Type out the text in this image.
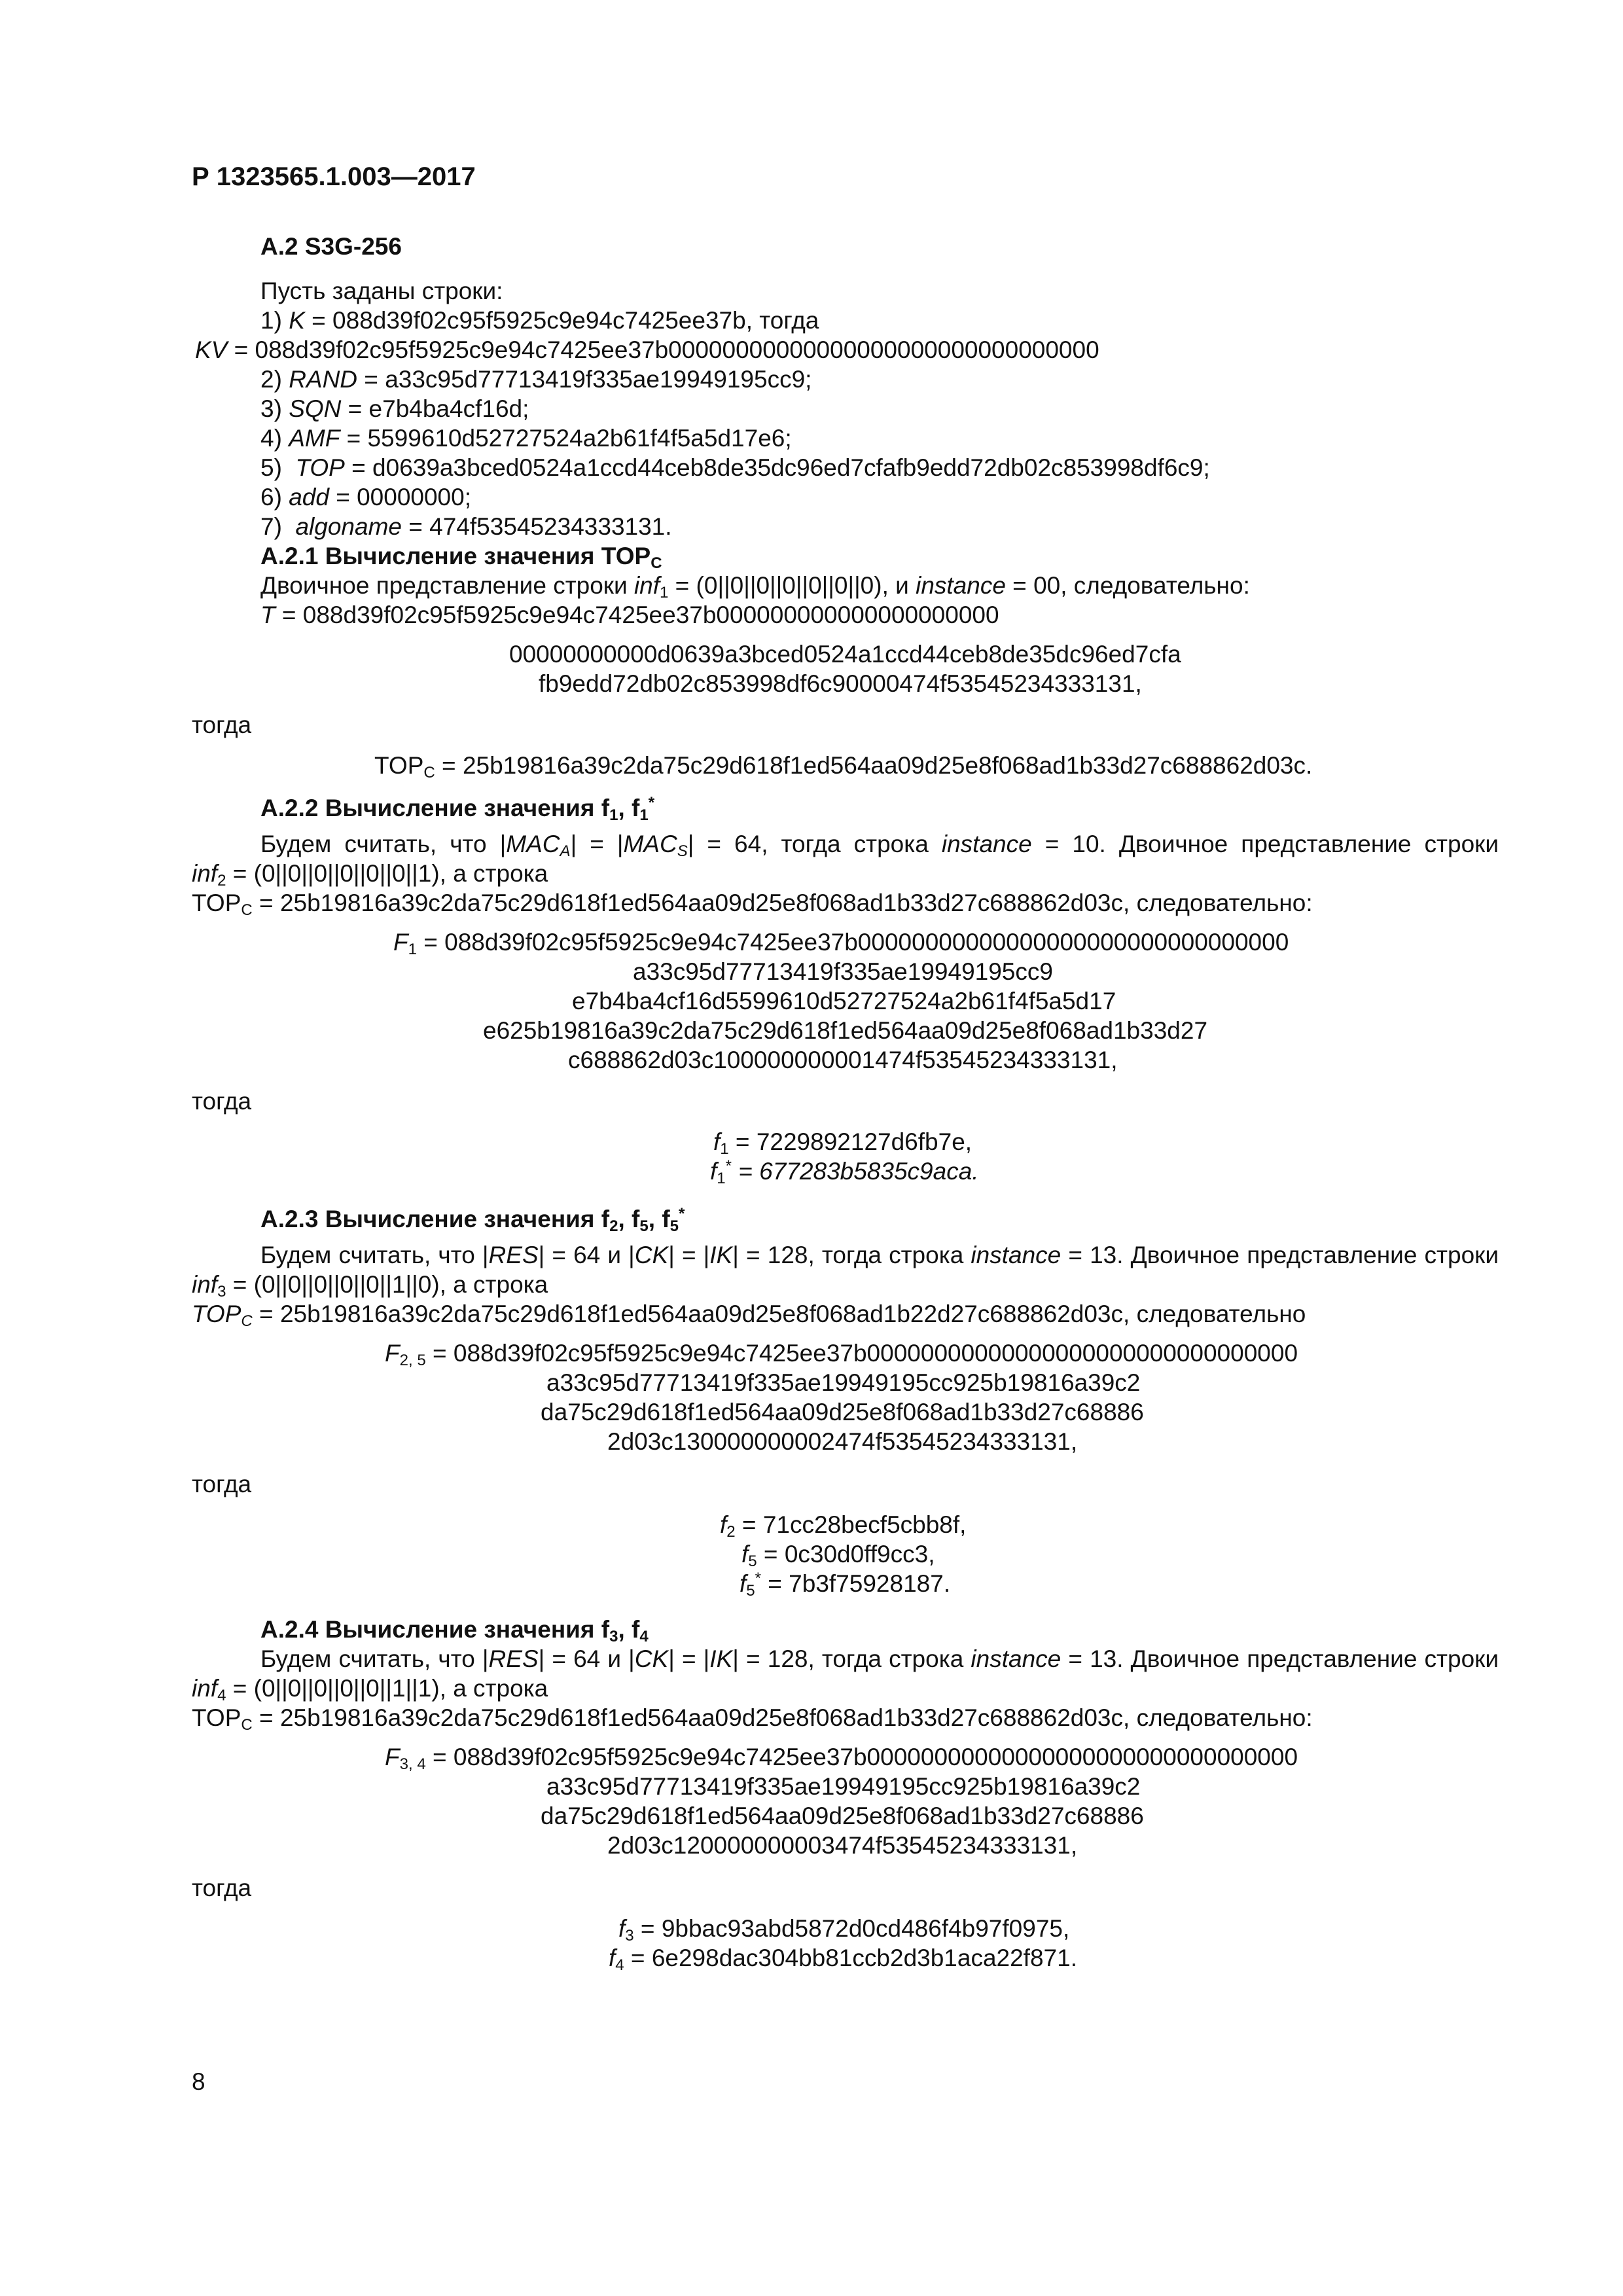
Р 1323565.1.003—2017
А.2 S3G-256
Пусть заданы строки:
1) K = 088d39f02c95f5925c9e94c7425ee37b, тогда
KV = 088d39f02c95f5925c9e94c7425ee37b00000000000000000000000000000000
2) RAND = a33c95d77713419f335ae19949195cc9;
3) SQN = e7b4ba4cf16d;
4) AMF = 5599610d52727524a2b61f4f5a5d17e6;
5) TOP = d0639a3bced0524a1ccd44ceb8de35dc96ed7cfafb9edd72db02c853998df6c9;
6) add = 00000000;
7) algoname = 474f53545234333131.
А.2.1 Вычисление значения $TOP_C$
Двоичное представление строки inf$_1$ = (0||0||0||0||0||0||0), и instance = 00, следовательно:
T = 088d39f02c95f5925c9e94c7425ee37b000000000000000000000
00000000000d0639a3bced0524a1ccd44ceb8de35dc96ed7cfa
fb9edd72db02c853998df6c90000474f53545234333131,
тогда
$TOP_C = 25b19816a39c2da75c29d618f1ed564aa09d25e8f068ad1b33d27c688862d03c$.
А.2.2 Вычисление значения $f_1$, $f_1^*$
Будем считать, что $|MAC_A| = |MAC_S| = 64$, тогда строка instance = 10. Двоичное представление строки
inf$_2$ = (0||0||0||0||0||0||1), а строка
$TOP_C = 25b19816a39c2da75c29d618f1ed564aa09d25e8f068ad1b33d27c688862d03c$, следовательно:
$F_1 = 088d39f02c95f5925c9e94c7425ee37b00000000000000000000000000000000$
a33c95d77713419f335ae19949195cc9
e7b4ba4cf16d5599610d52727524a2b61f4f5a5d17
e625b19816a39c2da75c29d618f1ed564aa09d25e8f068ad1b33d27
c688862d03c100000000001474f53545234333131,
тогда
$f_1 = 7229892127d6fb7e$,
$f_1^* = 677283b5835c9aca$.
А.2.3 Вычисление значения $f_2$, $f_5$, $f_5^*$
Будем считать, что |RES| = 64 и |CK| = |IK| = 128, тогда строка instance = 13. Двоичное представление строки
inf$_3$ = (0||0||0||0||0||1||0), а строка
$TOP_C = 25b19816a39c2da75c29d618f1ed564aa09d25e8f068ad1b22d27c688862d03c$, следовательно
$F_{2, 5} = 088d39f02c95f5925c9e94c7425ee37b00000000000000000000000000000000$
a33c95d77713419f335ae19949195cc925b19816a39c2
da75c29d618f1ed564aa09d25e8f068ad1b33d27c68886
2d03c130000000002474f53545234333131,
тогда
$f_2$ = 71cc28becf5cbb8f,
$f_5 = 0c30d0ff9cc3$,
$f_5^* = 7b3f75928187$.
А.2.4 Вычисление значения $f_3$, $f_4$
Будем считать, что |RES| = 64 и |CK| = |IK| = 128, тогда строка instance = 13. Двоичное представление строки
inf$_4$ = (0||0||0||0||0||1||1), а строка
$TOP_C = 25b19816a39c2da75c29d618f1ed564aa09d25e8f068ad1b33d27c688862d03c$, следовательно:
$F_{3, 4} = 088d39f02c95f5925c9e94c7425ee37b00000000000000000000000000000000$
a33c95d77713419f335ae19949195cc925b19816a39c2
da75c29d618f1ed564aa09d25e8f068ad1b33d27c68886
2d03c120000000003474f53545234333131,
тогда
$f_3$ = 9bbac93abd5872d0cd486f4b97f0975,
$f_4 = 6e298dac304bb81ccb2d3b1aca22f871$.
8
